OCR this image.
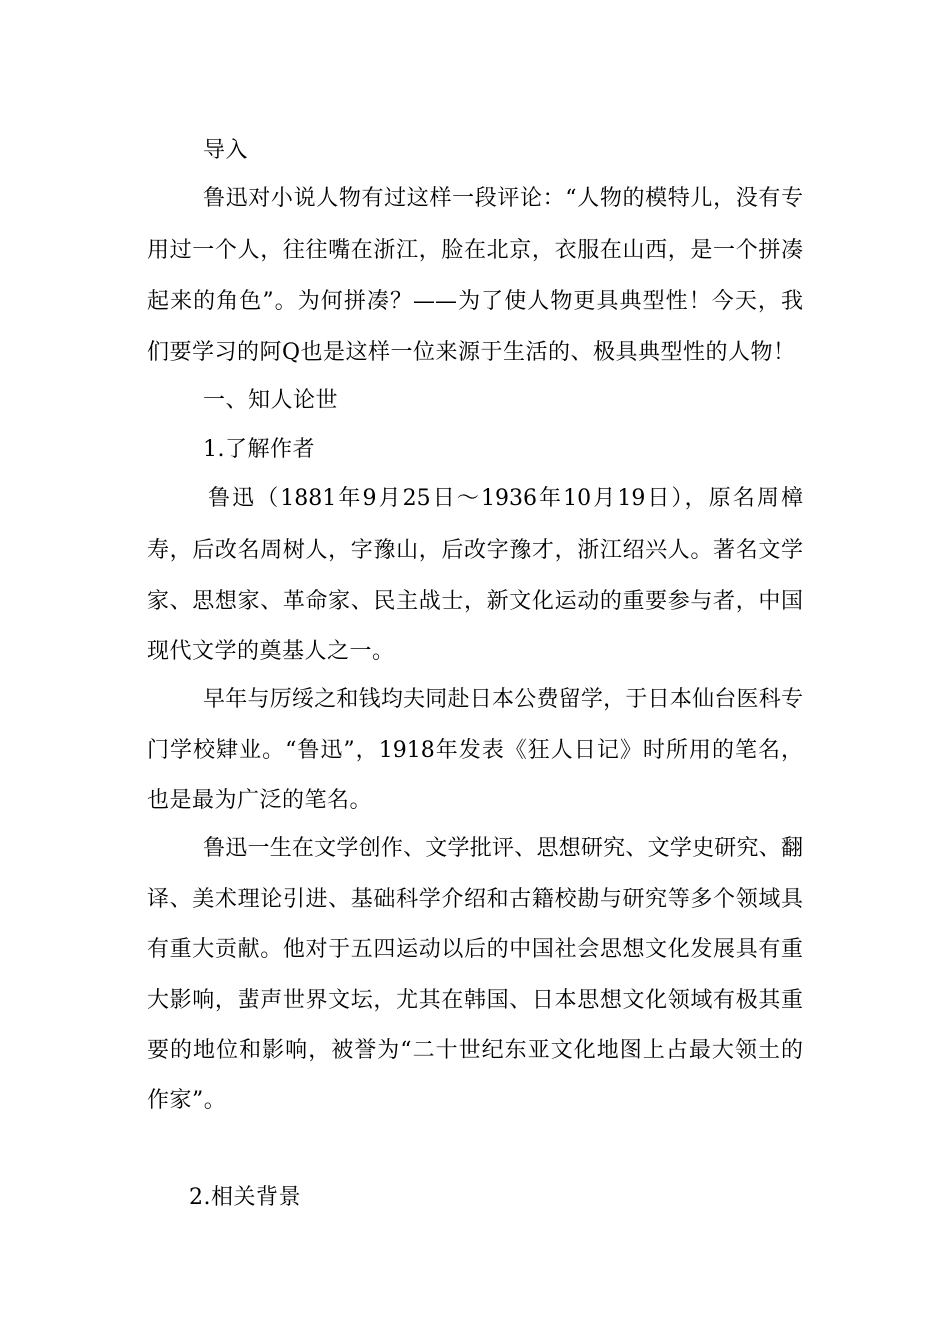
导入
鲁迅对小说人物有过这样一段评论：“人物的模特儿，没有专
用过一个人，往往嘴在浙江，脸在北京，衣服在山西，是一个拼凑
起来的角色”。为何拼凑？——为了使人物更具典型性！今天，我
们要学习的阿Q也是这样一位来源于生活的、极具典型性的人物！
一、知人论世
1.了解作者
鲁迅（1881年9月25日～1936年10月19日），原名周樟
寿，后改名周树人，字豫山，后改字豫才，浙江绍兴人。著名文学
家、思想家、革命家、民主战士，新文化运动的重要参与者，中国
现代文学的奠基人之一。
早年与厉绥之和钱均夫同赴日本公费留学，于日本仙台医科专
门学校肄业。“鲁迅”，1918年发表《狂人日记》时所用的笔名，
也是最为广泛的笔名。
鲁迅一生在文学创作、文学批评、思想研究、文学史研究、翻
译、美术理论引进、基础科学介绍和古籍校勘与研究等多个领域具
有重大贡献。他对于五四运动以后的中国社会思想文化发展具有重
大影响，蜚声世界文坛，尤其在韩国、日本思想文化领域有极其重
要的地位和影响，被誉为“二十世纪东亚文化地图上占最大领土的
作家”。
2.相关背景
